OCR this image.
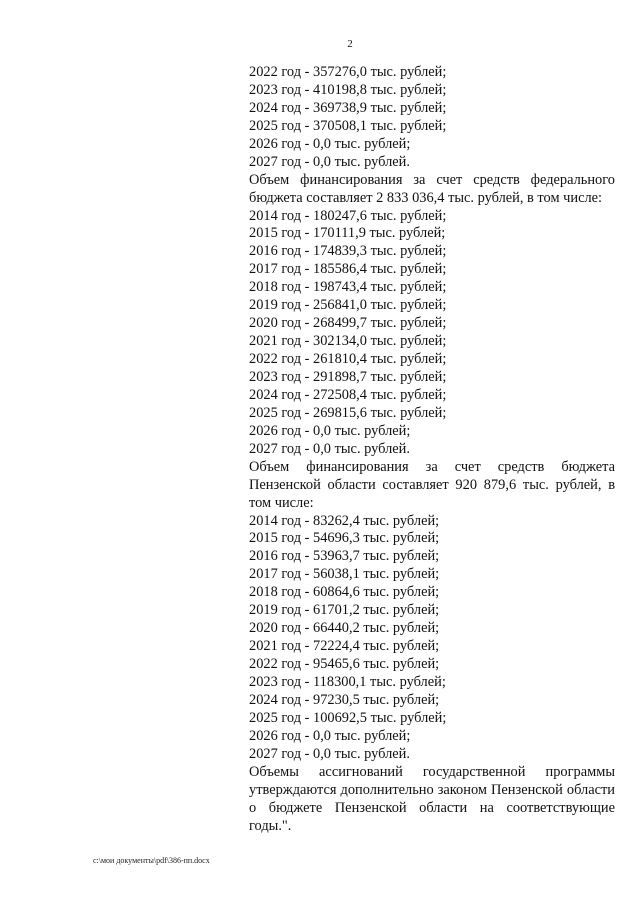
2
2022 год - 357276,0 тыс. рублей;
2023 год - 410198,8 тыс. рублей;
2024 год - 369738,9 тыс. рублей;
2025 год - 370508,1 тыс. рублей;
2026 год - 0,0 тыс. рублей;
2027 год - 0,0 тыс. рублей.
Объем финансирования за счет средств федерального бюджета составляет 2 833 036,4 тыс. рублей, в том числе:
2014 год - 180247,6 тыс. рублей;
2015 год - 170111,9 тыс. рублей;
2016 год - 174839,3 тыс. рублей;
2017 год - 185586,4 тыс. рублей;
2018 год - 198743,4 тыс. рублей;
2019 год - 256841,0 тыс. рублей;
2020 год - 268499,7 тыс. рублей;
2021 год - 302134,0 тыс. рублей;
2022 год - 261810,4 тыс. рублей;
2023 год - 291898,7 тыс. рублей;
2024 год - 272508,4 тыс. рублей;
2025 год - 269815,6 тыс. рублей;
2026 год - 0,0 тыс. рублей;
2027 год - 0,0 тыс. рублей.
Объем финансирования за счет средств бюджета Пензенской области составляет 920 879,6 тыс. рублей, в том числе:
2014 год - 83262,4 тыс. рублей;
2015 год - 54696,3 тыс. рублей;
2016 год - 53963,7 тыс. рублей;
2017 год - 56038,1 тыс. рублей;
2018 год - 60864,6 тыс. рублей;
2019 год - 61701,2 тыс. рублей;
2020 год - 66440,2 тыс. рублей;
2021 год - 72224,4 тыс. рублей;
2022 год - 95465,6 тыс. рублей;
2023 год - 118300,1 тыс. рублей;
2024 год - 97230,5 тыс. рублей;
2025 год - 100692,5 тыс. рублей;
2026 год - 0,0 тыс. рублей;
2027 год - 0,0 тыс. рублей.
Объемы ассигнований государственной программы утверждаются дополнительно законом Пензенской области о бюджете Пензенской области на соответствующие годы.".
с:\мои документы\pdf\386-пп.docx
